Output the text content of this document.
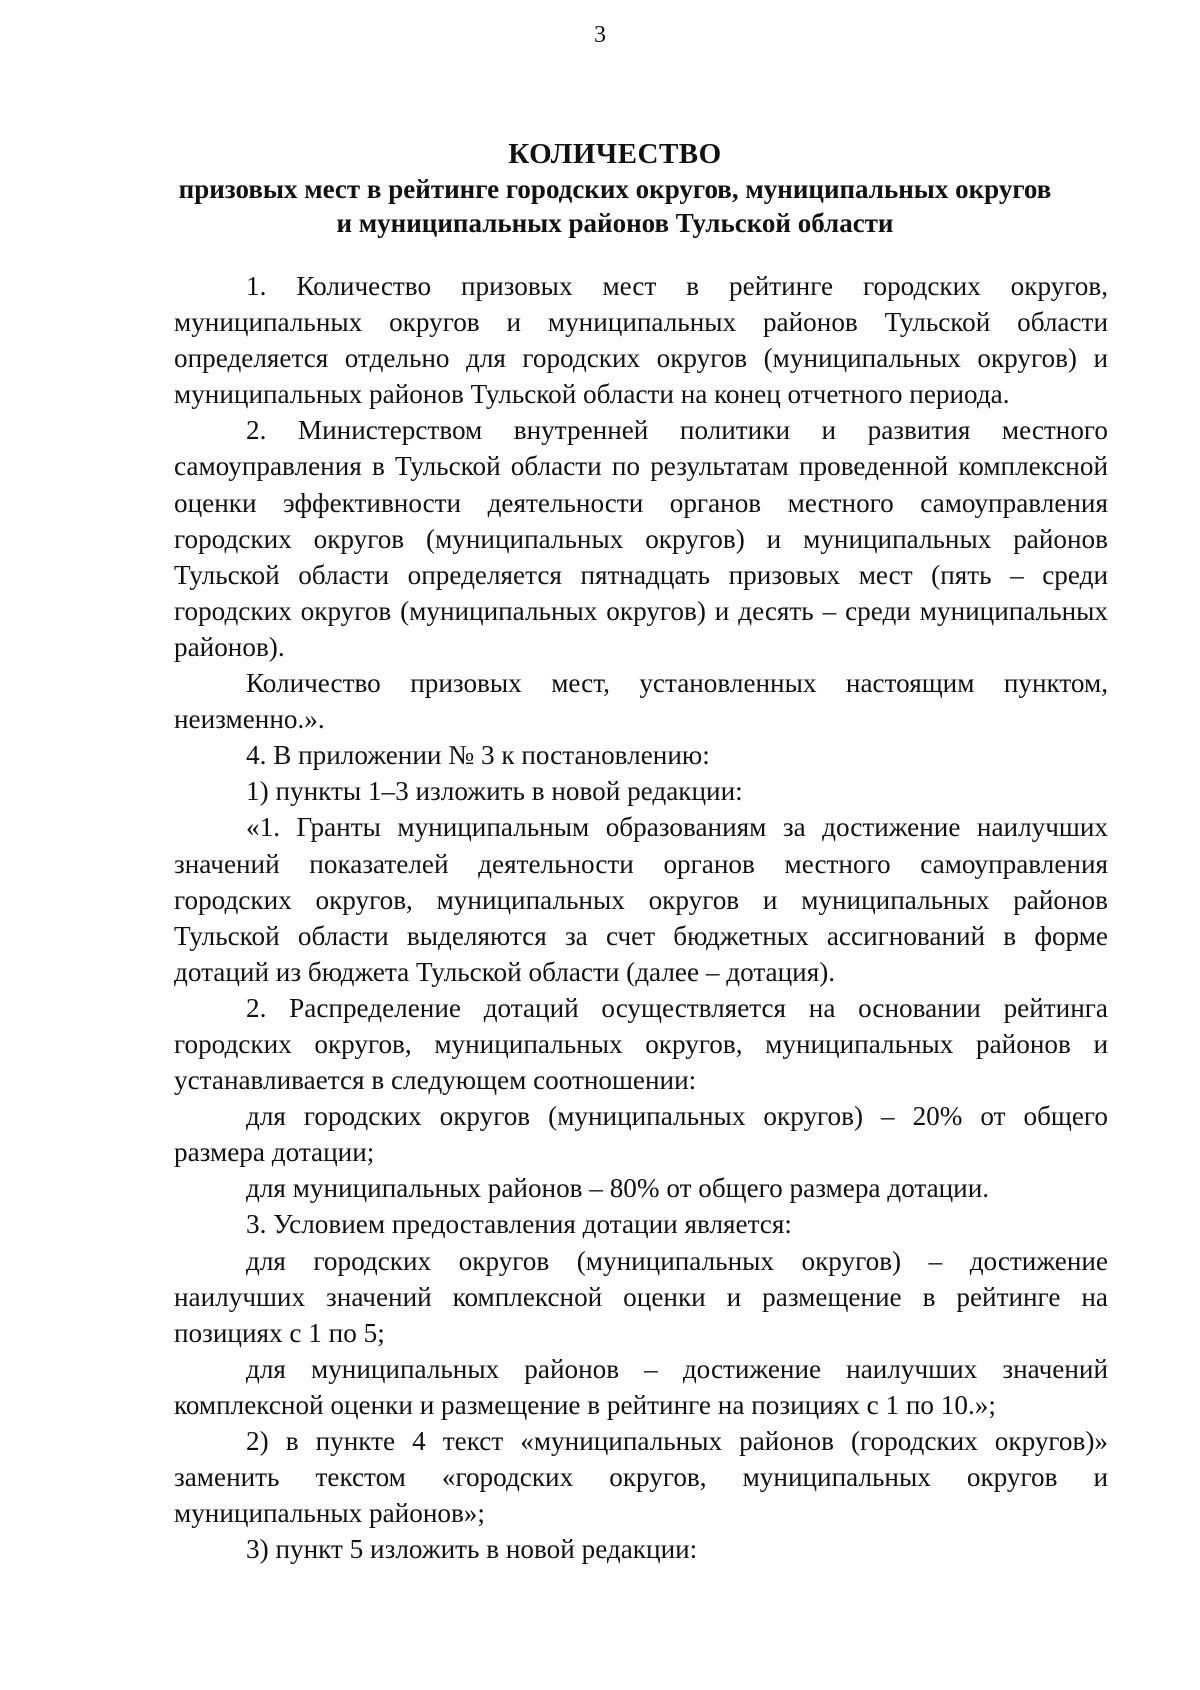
3
КОЛИЧЕСТВО
призовых мест в рейтинге городских округов, муниципальных округов
и муниципальных районов Тульской области

1. Количество призовых мест в рейтинге городских округов, муниципальных округов и муниципальных районов Тульской области определяется отдельно для городских округов (муниципальных округов) и муниципальных районов Тульской области на конец отчетного периода.

2. Министерством внутренней политики и развития местного самоуправления в Тульской области по результатам проведенной комплексной оценки эффективности деятельности органов местного самоуправления городских округов (муниципальных округов) и муниципальных районов Тульской области определяется пятнадцать призовых мест (пять – среди городских округов (муниципальных округов) и десять – среди муниципальных районов).

Количество призовых мест, установленных настоящим пунктом, неизменно.».

4. В приложении № 3 к постановлению:

1) пункты 1–3 изложить в новой редакции:

«1. Гранты муниципальным образованиям за достижение наилучших значений показателей деятельности органов местного самоуправления городских округов, муниципальных округов и муниципальных районов Тульской области выделяются за счет бюджетных ассигнований в форме дотаций из бюджета Тульской области (далее – дотация).

2. Распределение дотаций осуществляется на основании рейтинга городских округов, муниципальных округов, муниципальных районов и устанавливается в следующем соотношении:

для городских округов (муниципальных округов) – 20% от общего размера дотации;

для муниципальных районов – 80% от общего размера дотации.

3. Условием предоставления дотации является:

для городских округов (муниципальных округов) – достижение наилучших значений комплексной оценки и размещение в рейтинге на позициях с 1 по 5;

для муниципальных районов – достижение наилучших значений комплексной оценки и размещение в рейтинге на позициях с 1 по 10.»;

2) в пункте 4 текст «муниципальных районов (городских округов)» заменить текстом «городских округов, муниципальных округов и муниципальных районов»;

3) пункт 5 изложить в новой редакции:
